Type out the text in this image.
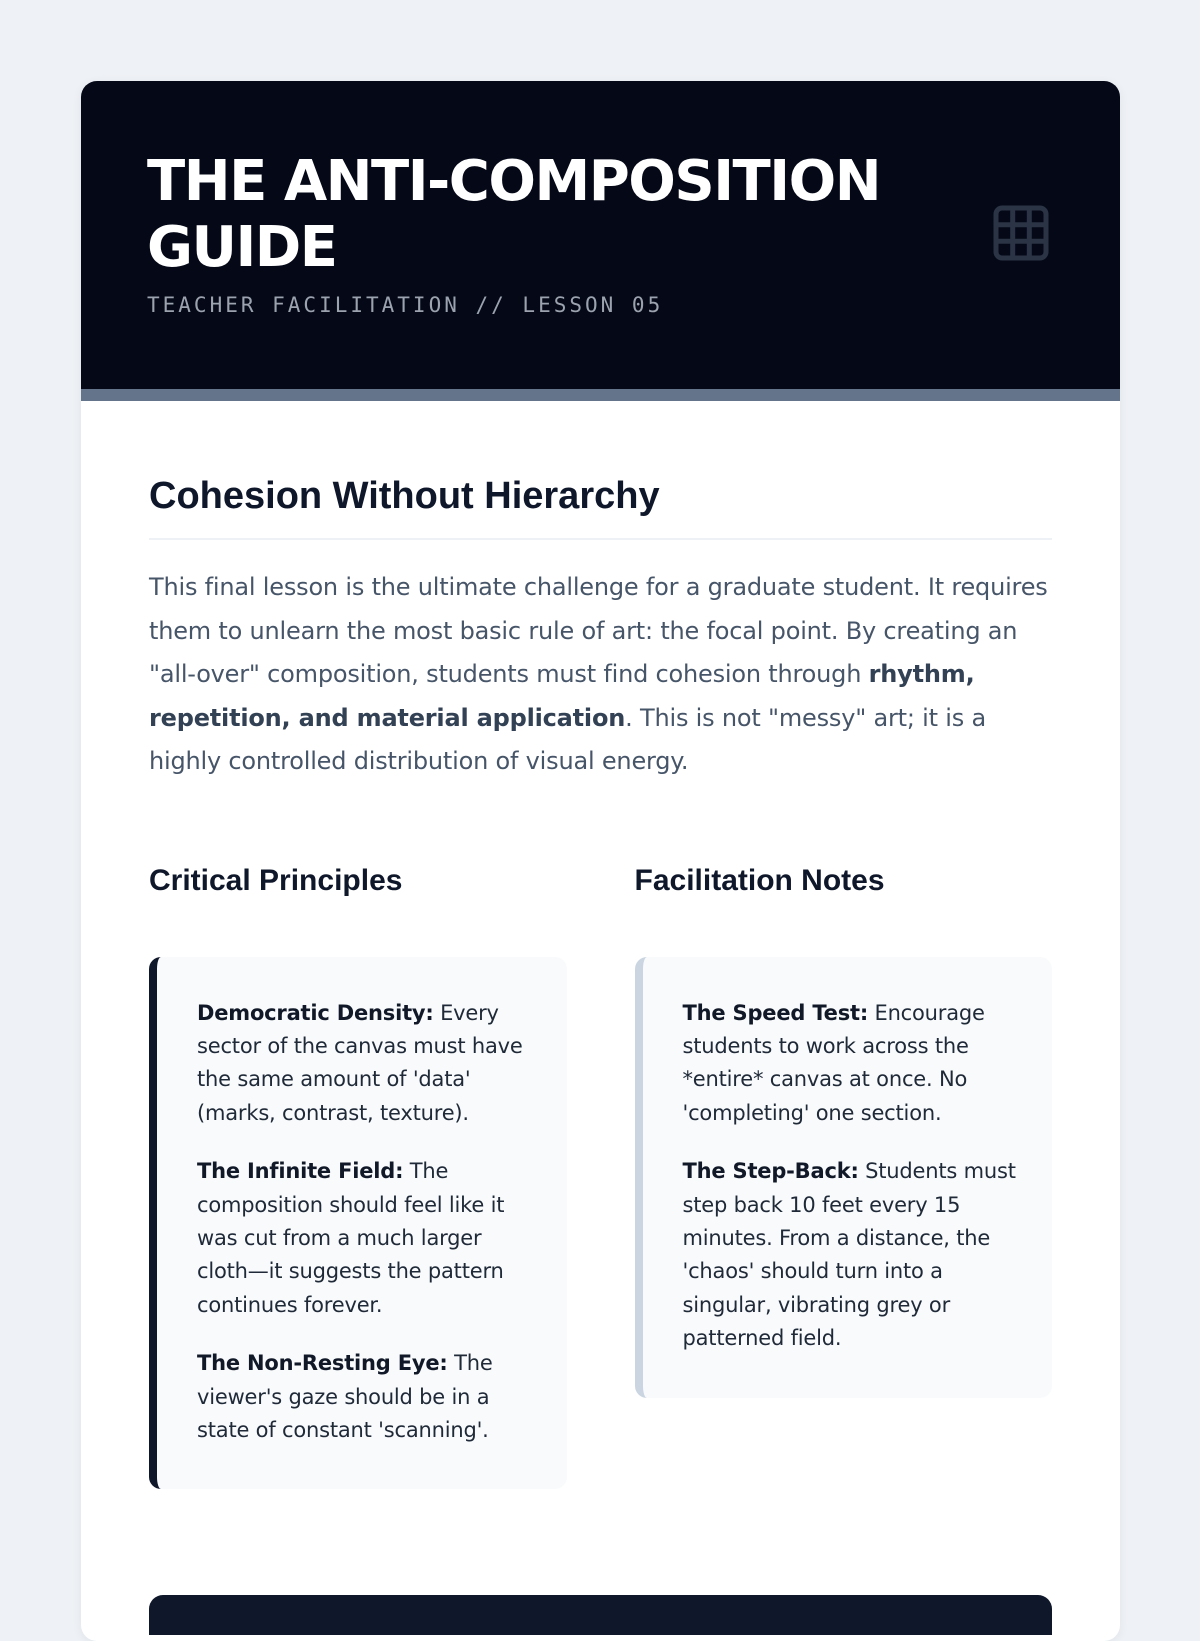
THE ANTI-COMPOSITION GUIDE
TEACHER FACILITATION // LESSON 05
Cohesion Without Hierarchy

This final lesson is the ultimate challenge for a graduate student. It requires them to unlearn the most basic rule of art: the focal point. By creating an "all-over" composition, students must find cohesion through rhythm, repetition, and material application. This is not "messy" art; it is a highly controlled distribution of visual energy.

Critical Principles

Democratic Density: Every sector of the canvas must have the same amount of 'data' (marks, contrast, texture).

The Infinite Field: The composition should feel like it was cut from a much larger cloth—it suggests the pattern continues forever.

The Non-Resting Eye: The viewer's gaze should be in a state of constant 'scanning'.

Facilitation Notes

The Speed Test: Encourage students to work across the *entire* canvas at once. No 'completing' one section.

The Step-Back: Students must step back 10 feet every 15 minutes. From a distance, the 'chaos' should turn into a singular, vibrating grey or patterned field.
